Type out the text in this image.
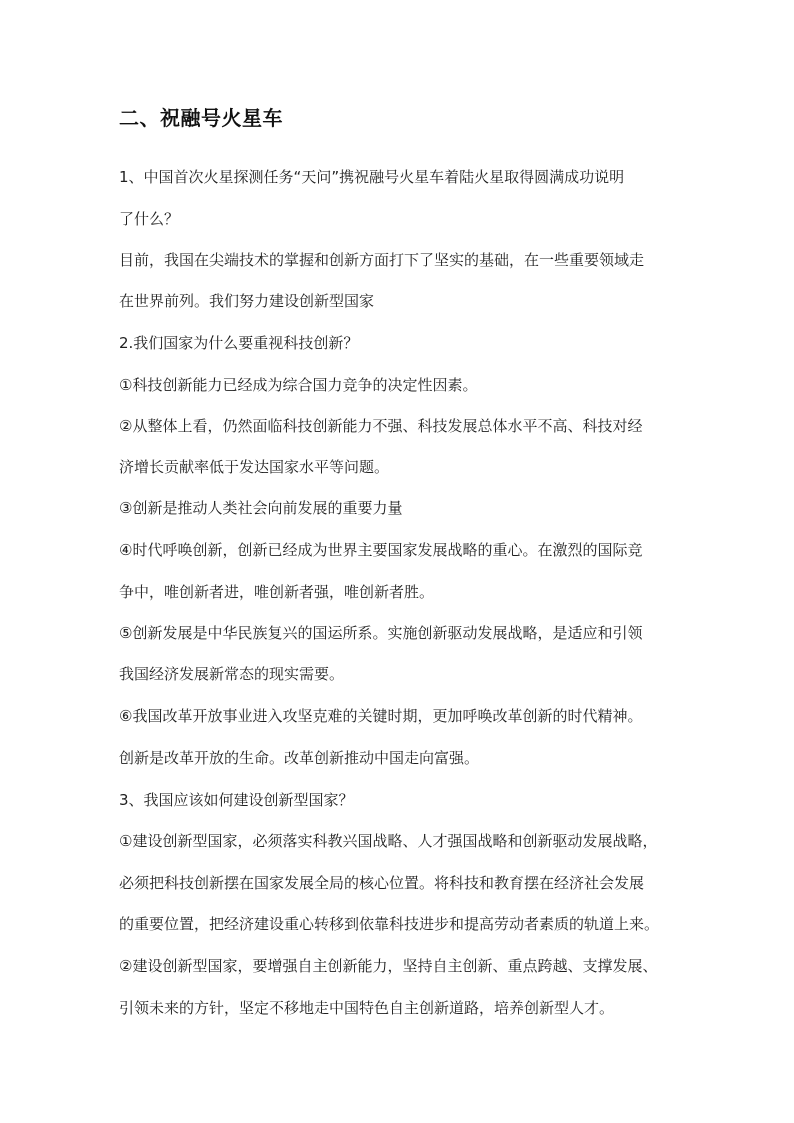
二、祝融号火星车
1、中国首次火星探测任务“天问”携祝融号火星车着陆火星取得圆满成功说明
了什么？
目前，我国在尖端技术的掌握和创新方面打下了坚实的基础，在一些重要领域走
在世界前列。我们努力建设创新型国家
2.我们国家为什么要重视科技创新？
①科技创新能力已经成为综合国力竞争的决定性因素。
②从整体上看，仍然面临科技创新能力不强、科技发展总体水平不高、科技对经
济增长贡献率低于发达国家水平等问题。
③创新是推动人类社会向前发展的重要力量
④时代呼唤创新，创新已经成为世界主要国家发展战略的重心。在激烈的国际竞
争中，唯创新者进，唯创新者强，唯创新者胜。
⑤创新发展是中华民族复兴的国运所系。实施创新驱动发展战略，是适应和引领
我国经济发展新常态的现实需要。
⑥我国改革开放事业进入攻坚克难的关键时期，更加呼唤改革创新的时代精神。
创新是改革开放的生命。改革创新推动中国走向富强。
3、我国应该如何建设创新型国家？
①建设创新型国家，必须落实科教兴国战略、人才强国战略和创新驱动发展战略，
必须把科技创新摆在国家发展全局的核心位置。将科技和教育摆在经济社会发展
的重要位置，把经济建设重心转移到依靠科技进步和提高劳动者素质的轨道上来。
②建设创新型国家，要增强自主创新能力，坚持自主创新、重点跨越、支撑发展、
引领未来的方针，坚定不移地走中国特色自主创新道路，培养创新型人才。
